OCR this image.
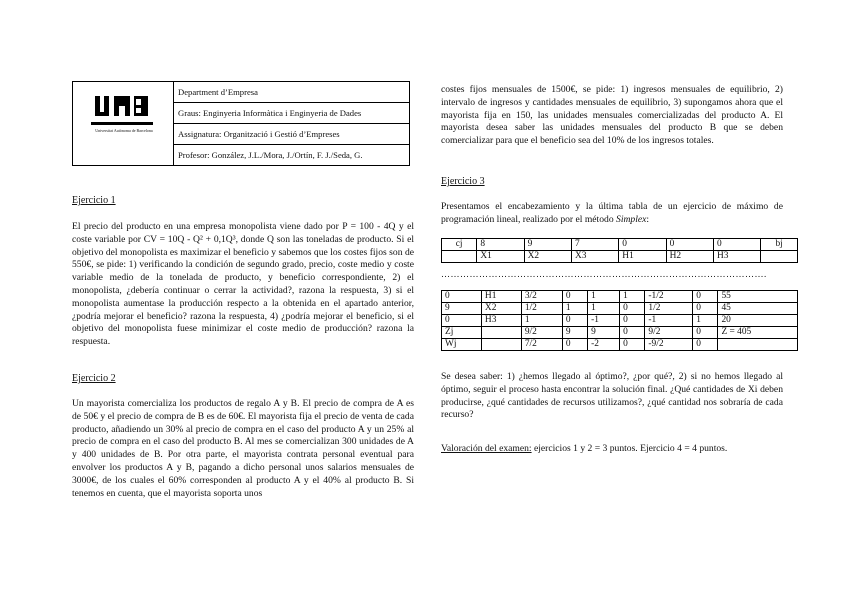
Universitat Autònoma de Barcelona
Department d’Empresa
Graus: Enginyeria Informàtica i Enginyeria de Dades
Assignatura: Organització i Gestió d’Empreses
Profesor: González, J.L./Mora, J./Ortín, F. J./Seda, G.
Ejercicio 1

El precio del producto en una empresa monopolista viene dado por P = 100 - 4Q y el coste variable por CV = 10Q - Q² + 0,1Q³, donde Q son las toneladas de producto. Si el objetivo del monopolista es maximizar el beneficio y sabemos que los costes fijos son de 550€, se pide: 1) verificando la condición de segundo grado, precio, coste medio y coste variable medio de la tonelada de producto, y beneficio correspondiente, 2) el monopolista, ¿debería continuar o cerrar la actividad?, razona la respuesta, 3) si el monopolista aumentase la producción respecto a la obtenida en el apartado anterior, ¿podría mejorar el beneficio? razona la respuesta, 4) ¿podría mejorar el beneficio, si el objetivo del monopolista fuese minimizar el coste medio de producción? razona la respuesta.

Ejercicio 2

Un mayorista comercializa los productos de regalo A y B. El precio de compra de A es de 50€ y el precio de compra de B es de 60€. El mayorista fija el precio de venta de cada producto, añadiendo un 30% al precio de compra en el caso del producto A y un 25% al precio de compra en el caso del producto B. Al mes se comercializan 300 unidades de A y 400 unidades de B. Por otra parte, el mayorista contrata personal eventual para envolver los productos A y B, pagando a dicho personal unos salarios mensuales de 3000€, de los cuales el 60% corresponden al producto A y el 40% al producto B. Si tenemos en cuenta, que el mayorista soporta unos

costes fijos mensuales de 1500€, se pide: 1) ingresos mensuales de equilibrio, 2) intervalo de ingresos y cantidades mensuales de equilibrio, 3) supongamos ahora que el mayorista fija en 150, las unidades mensuales comercializadas del producto A. El mayorista desea saber las unidades mensuales del producto B que se deben comercializar para que el beneficio sea del 10% de los ingresos totales.

Ejercicio 3
Presentamos el encabezamiento y la última tabla de un ejercicio de máximo de programación lineal, realizado por el método Simplex:
cj	8	9	7	0	0	0	bj
	X1	X2	X3	H1	H2	H3	
………………………………………………………………………………………….
0	H1	3/2	0	1	1	-1/2	0	55
9	X2	1/2	1	1	0	1/2	0	45
0	H3	1	0	-1	0	-1	1	20
Zj		9/2	9	9	0	9/2	0	Z = 405
Wj		7/2	0	-2	0	-9/2	0	

Se desea saber: 1) ¿hemos llegado al óptimo?, ¿por qué?, 2) si no hemos llegado al óptimo, seguir el proceso hasta encontrar la solución final. ¿Qué cantidades de Xi deben producirse, ¿qué cantidades de recursos utilizamos?, ¿qué cantidad nos sobraría de cada recurso?

Valoración del examen: ejercicios 1 y 2 = 3 puntos. Ejercicio 4 = 4 puntos.
